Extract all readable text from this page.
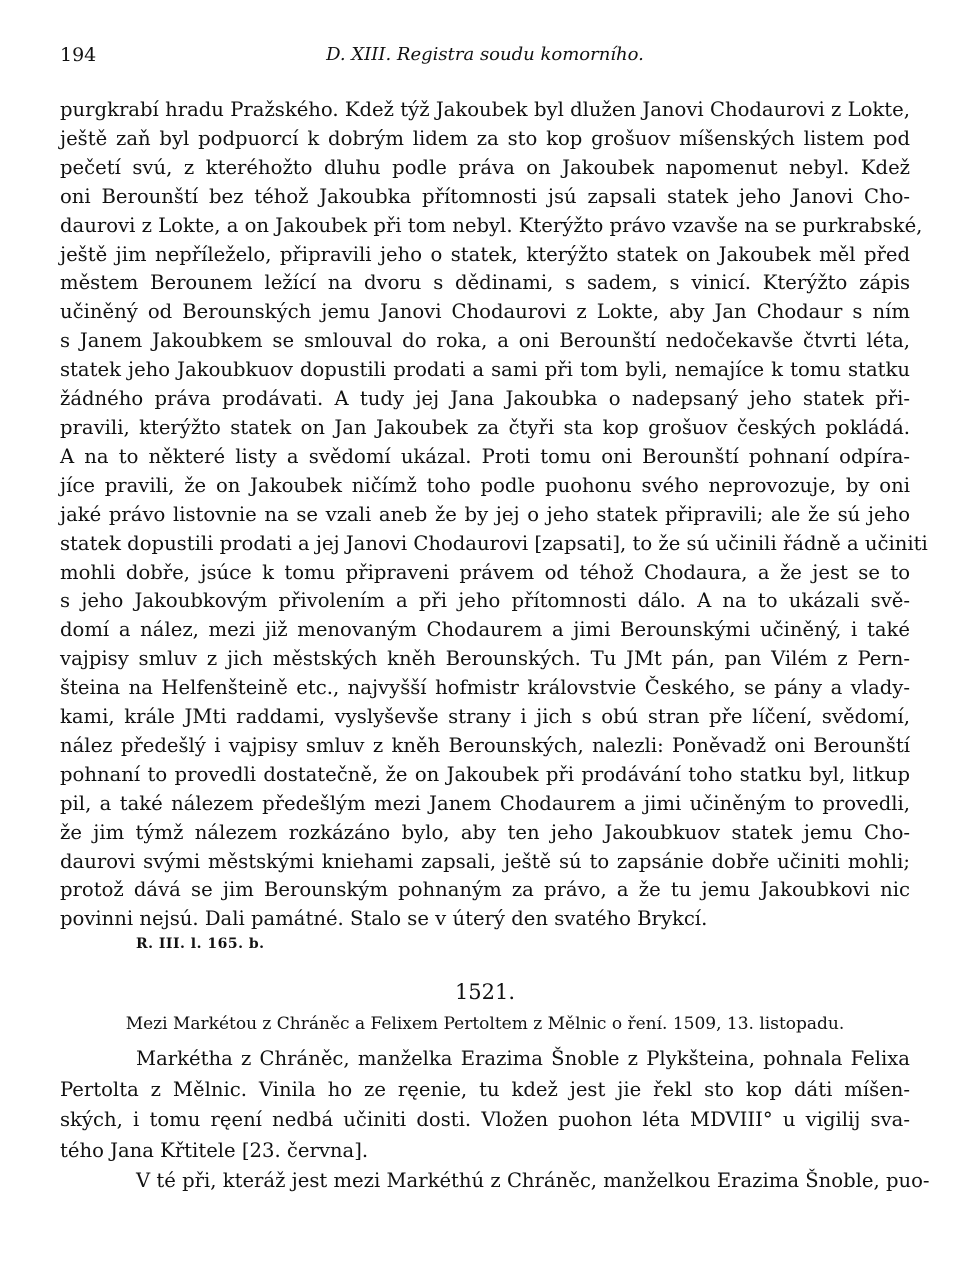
194	D. XIII. Registra soudu komorního.
purgkrabí hradu Pražského. Kdež týž Jakoubek byl dlužen Janovi Chodaurovi z Lokte,
ještě zaň byl podpuorcí k dobrým lidem za sto kop grošuov míšenských listem pod
pečetí svú, z kteréhožto dluhu podle práva on Jakoubek napomenut nebyl. Kdež
oni Berounští bez téhož Jakoubka přítomnosti jsú zapsali statek jeho Janovi Cho-
daurovi z Lokte, a on Jakoubek při tom nebyl. Kterýžto právo vzavše na se purkrabské,
ještě jim nepříleželo, připravili jeho o statek, kterýžto statek on Jakoubek měl před
městem Berounem ležící na dvoru s dědinami, s sadem, s vinicí. Kterýžto zápis
učiněný od Berounských jemu Janovi Chodaurovi z Lokte, aby Jan Chodaur s ním
s Janem Jakoubkem se smlouval do roka, a oni Berounští nedočekavše čtvrti léta,
statek jeho Jakoubkuov dopustili prodati a sami při tom byli, nemajíce k tomu statku
žádného práva prodávati. A tudy jej Jana Jakoubka o nadepsaný jeho statek při-
pravili, kterýžto statek on Jan Jakoubek za čtyři sta kop grošuov českých pokládá.
A na to některé listy a svědomí ukázal. Proti tomu oni Berounští pohnaní odpíra-
jíce pravili, že on Jakoubek ničímž toho podle puohonu svého neprovozuje, by oni
jaké právo listovnie na se vzali aneb že by jej o jeho statek připravili; ale že sú jeho
statek dopustili prodati a jej Janovi Chodaurovi [zapsati], to že sú učinili řádně a učiniti
mohli dobře, jsúce k tomu připraveni právem od téhož Chodaura, a že jest se to
s jeho Jakoubkovým přivolením a při jeho přítomnosti dálo. A na to ukázali svě-
domí a nález, mezi již menovaným Chodaurem a jimi Berounskými učiněný, i také
vajpisy smluv z jich městských kněh Berounských. Tu JMt pán, pan Vilém z Pern-
šteina na Helfenšteině etc., najvyšší hofmistr královstvie Českého, se pány a vlady-
kami, krále JMti raddami, vyslyševše strany i jich s obú stran pře líčení, svědomí,
nález předešlý i vajpisy smluv z kněh Berounských, nalezli: Poněvadž oni Berounští
pohnaní to provedli dostatečně, že on Jakoubek při prodávání toho statku byl, litkup
pil, a také nálezem předešlým mezi Janem Chodaurem a jimi učiněným to provedli,
že jim týmž nálezem rozkázáno bylo, aby ten jeho Jakoubkuov statek jemu Cho-
daurovi svými městskými kniehami zapsali, ještě sú to zapsánie dobře učiniti mohli;
protož dává se jim Berounským pohnaným za právo, a že tu jemu Jakoubkovi nic
povinni nejsú. Dali památné. Stalo se v úterý den svatého Brykcí.
R. III. l. 165. b.
1521.
Mezi Markétou z Chráněc a Felixem Pertoltem z Mělnic o ření. 1509, 13. listopadu.
Markétha z Chráněc, manželka Erazima Šnoble z Plykšteina, pohnala Felixa
Pertolta z Mělnic. Vinila ho ze ręenie, tu kdež jest jie řekl sto kop dáti míšen-
ských, i tomu ręení nedbá učiniti dosti. Vložen puohon léta MDVIII° u vigilij sva-
tého Jana Křtitele [23. června].
V té při, kteráž jest mezi Markéthú z Chráněc, manželkou Erazima Šnoble, puo-
